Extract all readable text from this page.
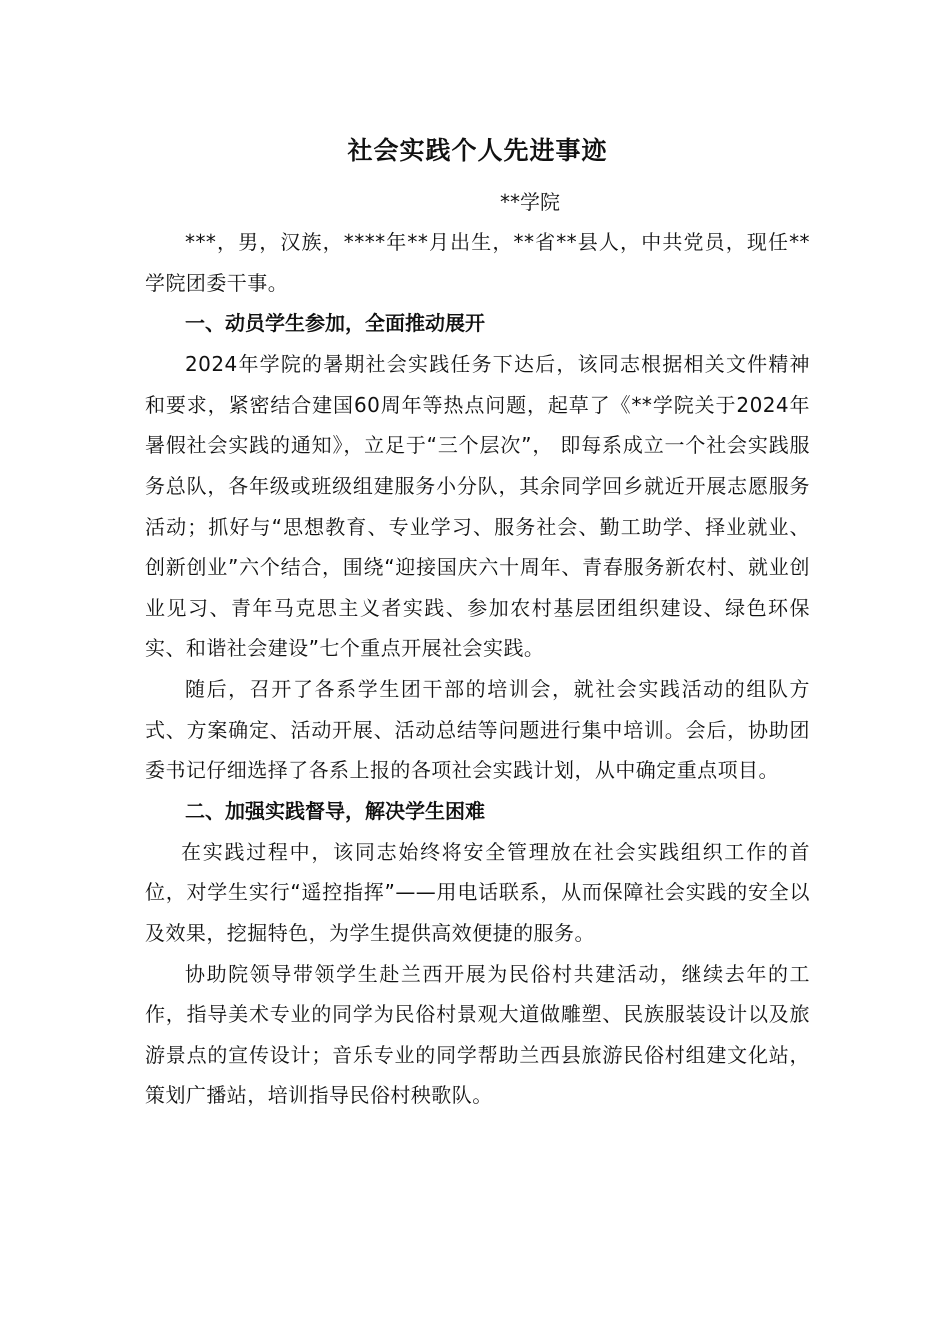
社会实践个人先进事迹
**学院

***，男，汉族，****年**月出生，**省**县人，中共党员，现任**学院团委干事。

一、动员学生参加，全面推动展开

2024年学院的暑期社会实践任务下达后，该同志根据相关文件精神和要求，紧密结合建国60周年等热点问题，起草了《**学院关于2024年暑假社会实践的通知》，立足于“三个层次”， 即每系成立一个社会实践服务总队，各年级或班级组建服务小分队，其余同学回乡就近开展志愿服务活动；抓好与“思想教育、专业学习、服务社会、勤工助学、择业就业、创新创业”六个结合，围绕“迎接国庆六十周年、青春服务新农村、就业创业见习、青年马克思主义者实践、参加农村基层团组织建设、绿色环保实、和谐社会建设”七个重点开展社会实践。

随后，召开了各系学生团干部的培训会，就社会实践活动的组队方式、方案确定、活动开展、活动总结等问题进行集中培训。会后，协助团委书记仔细选择了各系上报的各项社会实践计划，从中确定重点项目。

二、加强实践督导，解决学生困难

在实践过程中，该同志始终将安全管理放在社会实践组织工作的首位，对学生实行“遥控指挥”——用电话联系，从而保障社会实践的安全以及效果，挖掘特色，为学生提供高效便捷的服务。

协助院领导带领学生赴兰西开展为民俗村共建活动，继续去年的工作，指导美术专业的同学为民俗村景观大道做雕塑、民族服装设计以及旅游景点的宣传设计；音乐专业的同学帮助兰西县旅游民俗村组建文化站，策划广播站，培训指导民俗村秧歌队。
